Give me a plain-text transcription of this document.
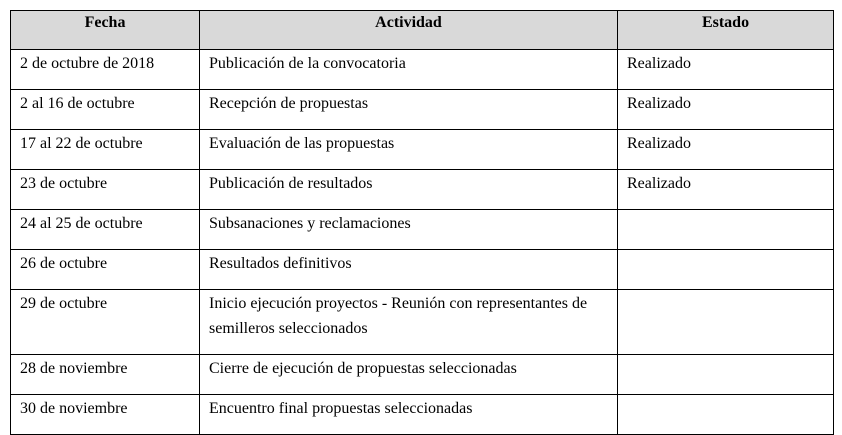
Fecha	Actividad	Estado
2 de octubre de 2018	Publicación de la convocatoria	Realizado
2 al 16 de octubre	Recepción de propuestas	Realizado
17 al 22 de octubre	Evaluación de las propuestas	Realizado
23 de octubre	Publicación de resultados	Realizado
24 al 25 de octubre	Subsanaciones y reclamaciones	
26 de octubre	Resultados definitivos	
29 de octubre	Inicio ejecución proyectos - Reunión con representantes de semilleros seleccionados	
28 de noviembre	Cierre de ejecución de propuestas seleccionadas	
30 de noviembre	Encuentro final propuestas seleccionadas	
